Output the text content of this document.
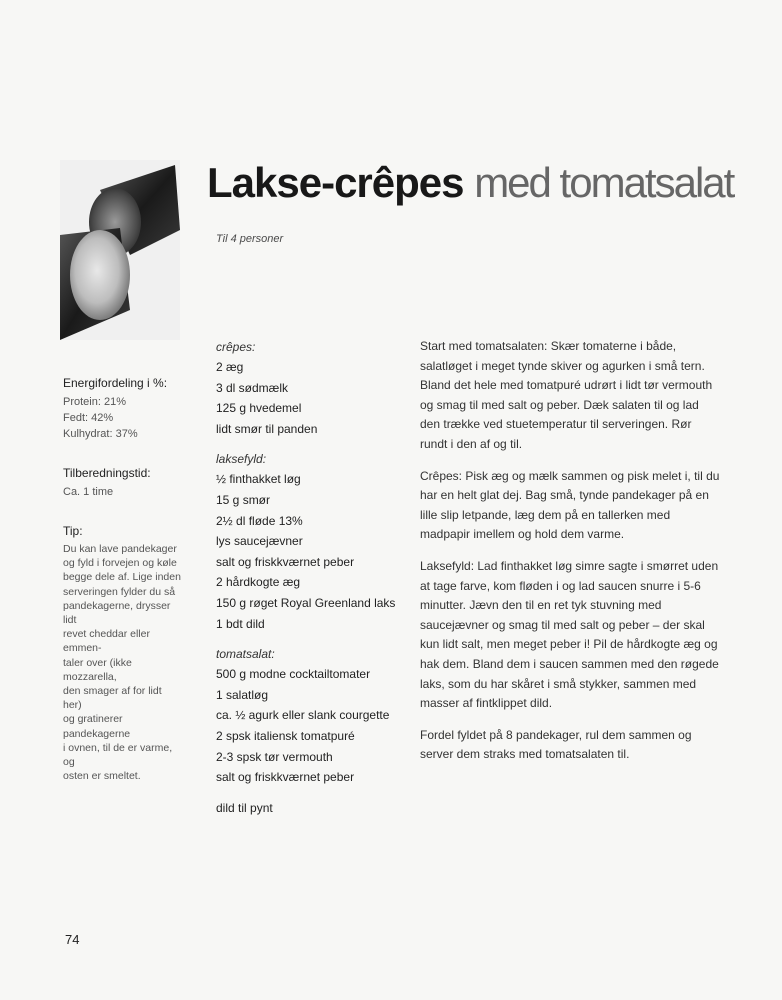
Lakse-crêpes med tomatsalat
Til 4 personer
Energifordeling i %:
Protein: 21%
Fedt: 42%
Kulhydrat: 37%
Tilberedningstid:
Ca. 1 time
Tip:
Du kan lave pandekager
og fyld i forvejen og køle
begge dele af. Lige inden
serveringen fylder du så
pandekagerne, drysser lidt
revet cheddar eller emmen-
taler over (ikke mozzarella,
den smager af for lidt her)
og gratinerer pandekagerne
i ovnen, til de er varme, og
osten er smeltet.
crêpes:
2 æg
3 dl sødmælk
125 g hvedemel
lidt smør til panden
laksefyld:
½ finthakket løg
15 g smør
2½ dl fløde 13%
lys saucejævner
salt og friskkværnet peber
2 hårdkogte æg
150 g røget Royal Greenland laks
1 bdt dild
tomatsalat:
500 g modne cocktailtomater
1 salatløg
ca. ½ agurk eller slank courgette
2 spsk italiensk tomatpuré
2-3 spsk tør vermouth
salt og friskkværnet peber
dild til pynt

Start med tomatsalaten: Skær tomaterne i både, salatløget i meget tynde skiver og agurken i små tern. Bland det hele med tomatpuré udrørt i lidt tør vermouth og smag til med salt og peber. Dæk salaten til og lad den trække ved stuetemperatur til serveringen. Rør rundt i den af og til.

Crêpes: Pisk æg og mælk sammen og pisk melet i, til du har en helt glat dej. Bag små, tynde pandekager på en lille slip letpande, læg dem på en tallerken med madpapir imellem og hold dem varme.

Laksefyld: Lad finthakket løg simre sagte i smørret uden at tage farve, kom fløden i og lad saucen snurre i 5-6 minutter. Jævn den til en ret tyk stuvning med saucejævner og smag til med salt og peber – der skal kun lidt salt, men meget peber i! Pil de hårdkogte æg og hak dem. Bland dem i saucen sammen med den røgede laks, som du har skåret i små stykker, sammen med masser af fintklippet dild.

Fordel fyldet på 8 pandekager, rul dem sammen og server dem straks med tomatsalaten til.

74
